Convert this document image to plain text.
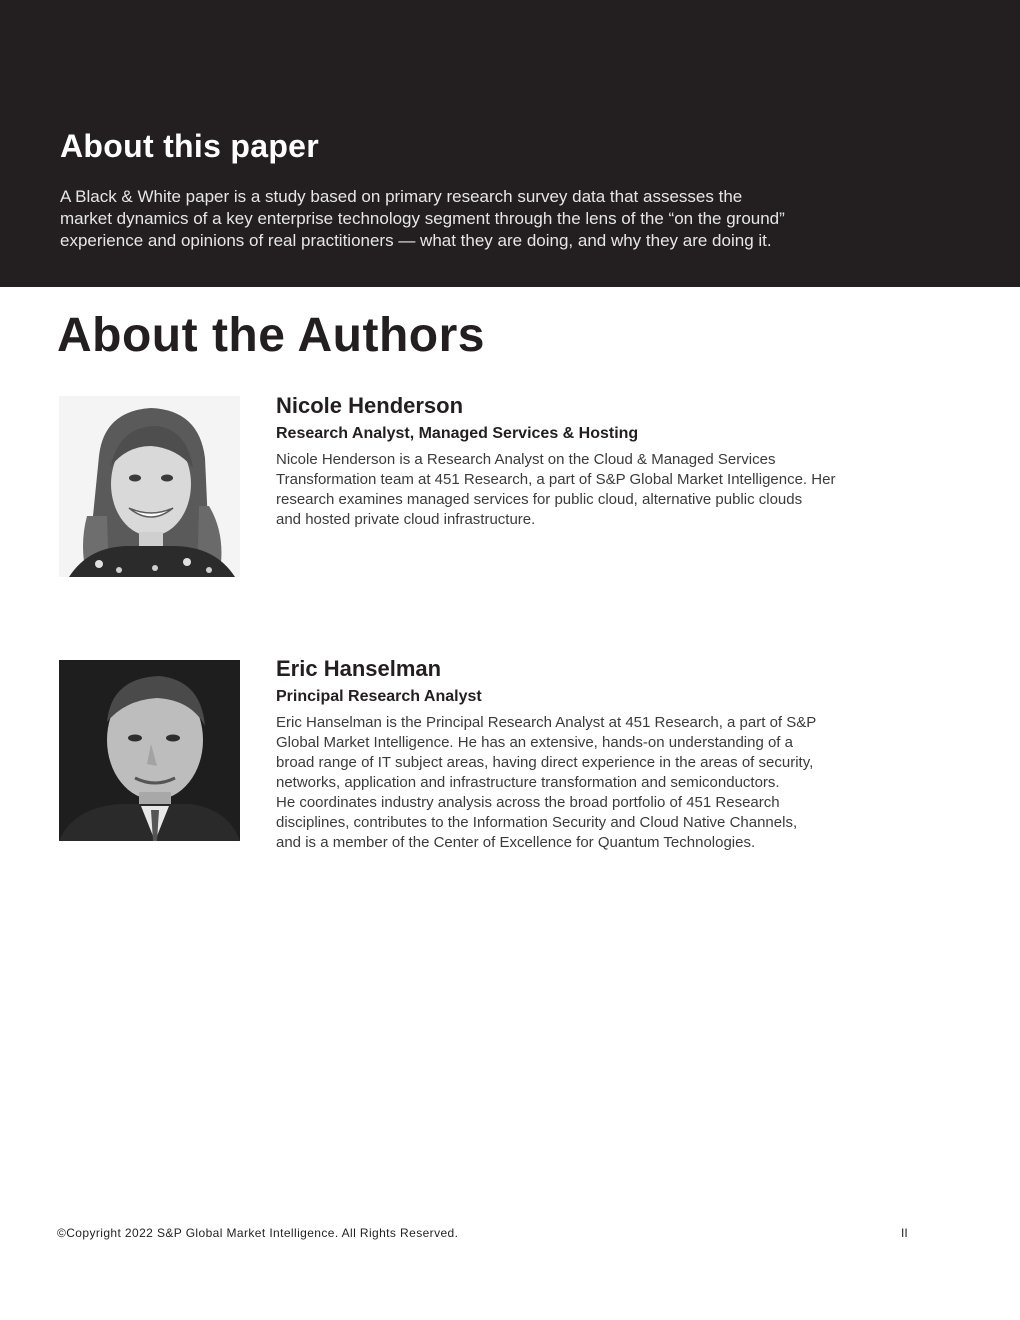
About this paper

A Black & White paper is a study based on primary research survey data that assesses the
market dynamics of a key enterprise technology segment through the lens of the “on the ground”
experience and opinions of real practitioners — what they are doing, and why they are doing it.

About the Authors
Nicole Henderson

Research Analyst, Managed Services & Hosting

Nicole Henderson is a Research Analyst on the Cloud & Managed Services
Transformation team at 451 Research, a part of S&P Global Market Intelligence. Her
research examines managed services for public cloud, alternative public clouds
and hosted private cloud infrastructure.

Eric Hanselman

Principal Research Analyst

Eric Hanselman is the Principal Research Analyst at 451 Research, a part of S&P
Global Market Intelligence. He has an extensive, hands-on understanding of a
broad range of IT subject areas, having direct experience in the areas of security,
networks, application and infrastructure transformation and semiconductors.
He coordinates industry analysis across the broad portfolio of 451 Research
disciplines, contributes to the Information Security and Cloud Native Channels,
and is a member of the Center of Excellence for Quantum Technologies.

©Copyright 2022 S&P Global Market Intelligence. All Rights Reserved.	II
